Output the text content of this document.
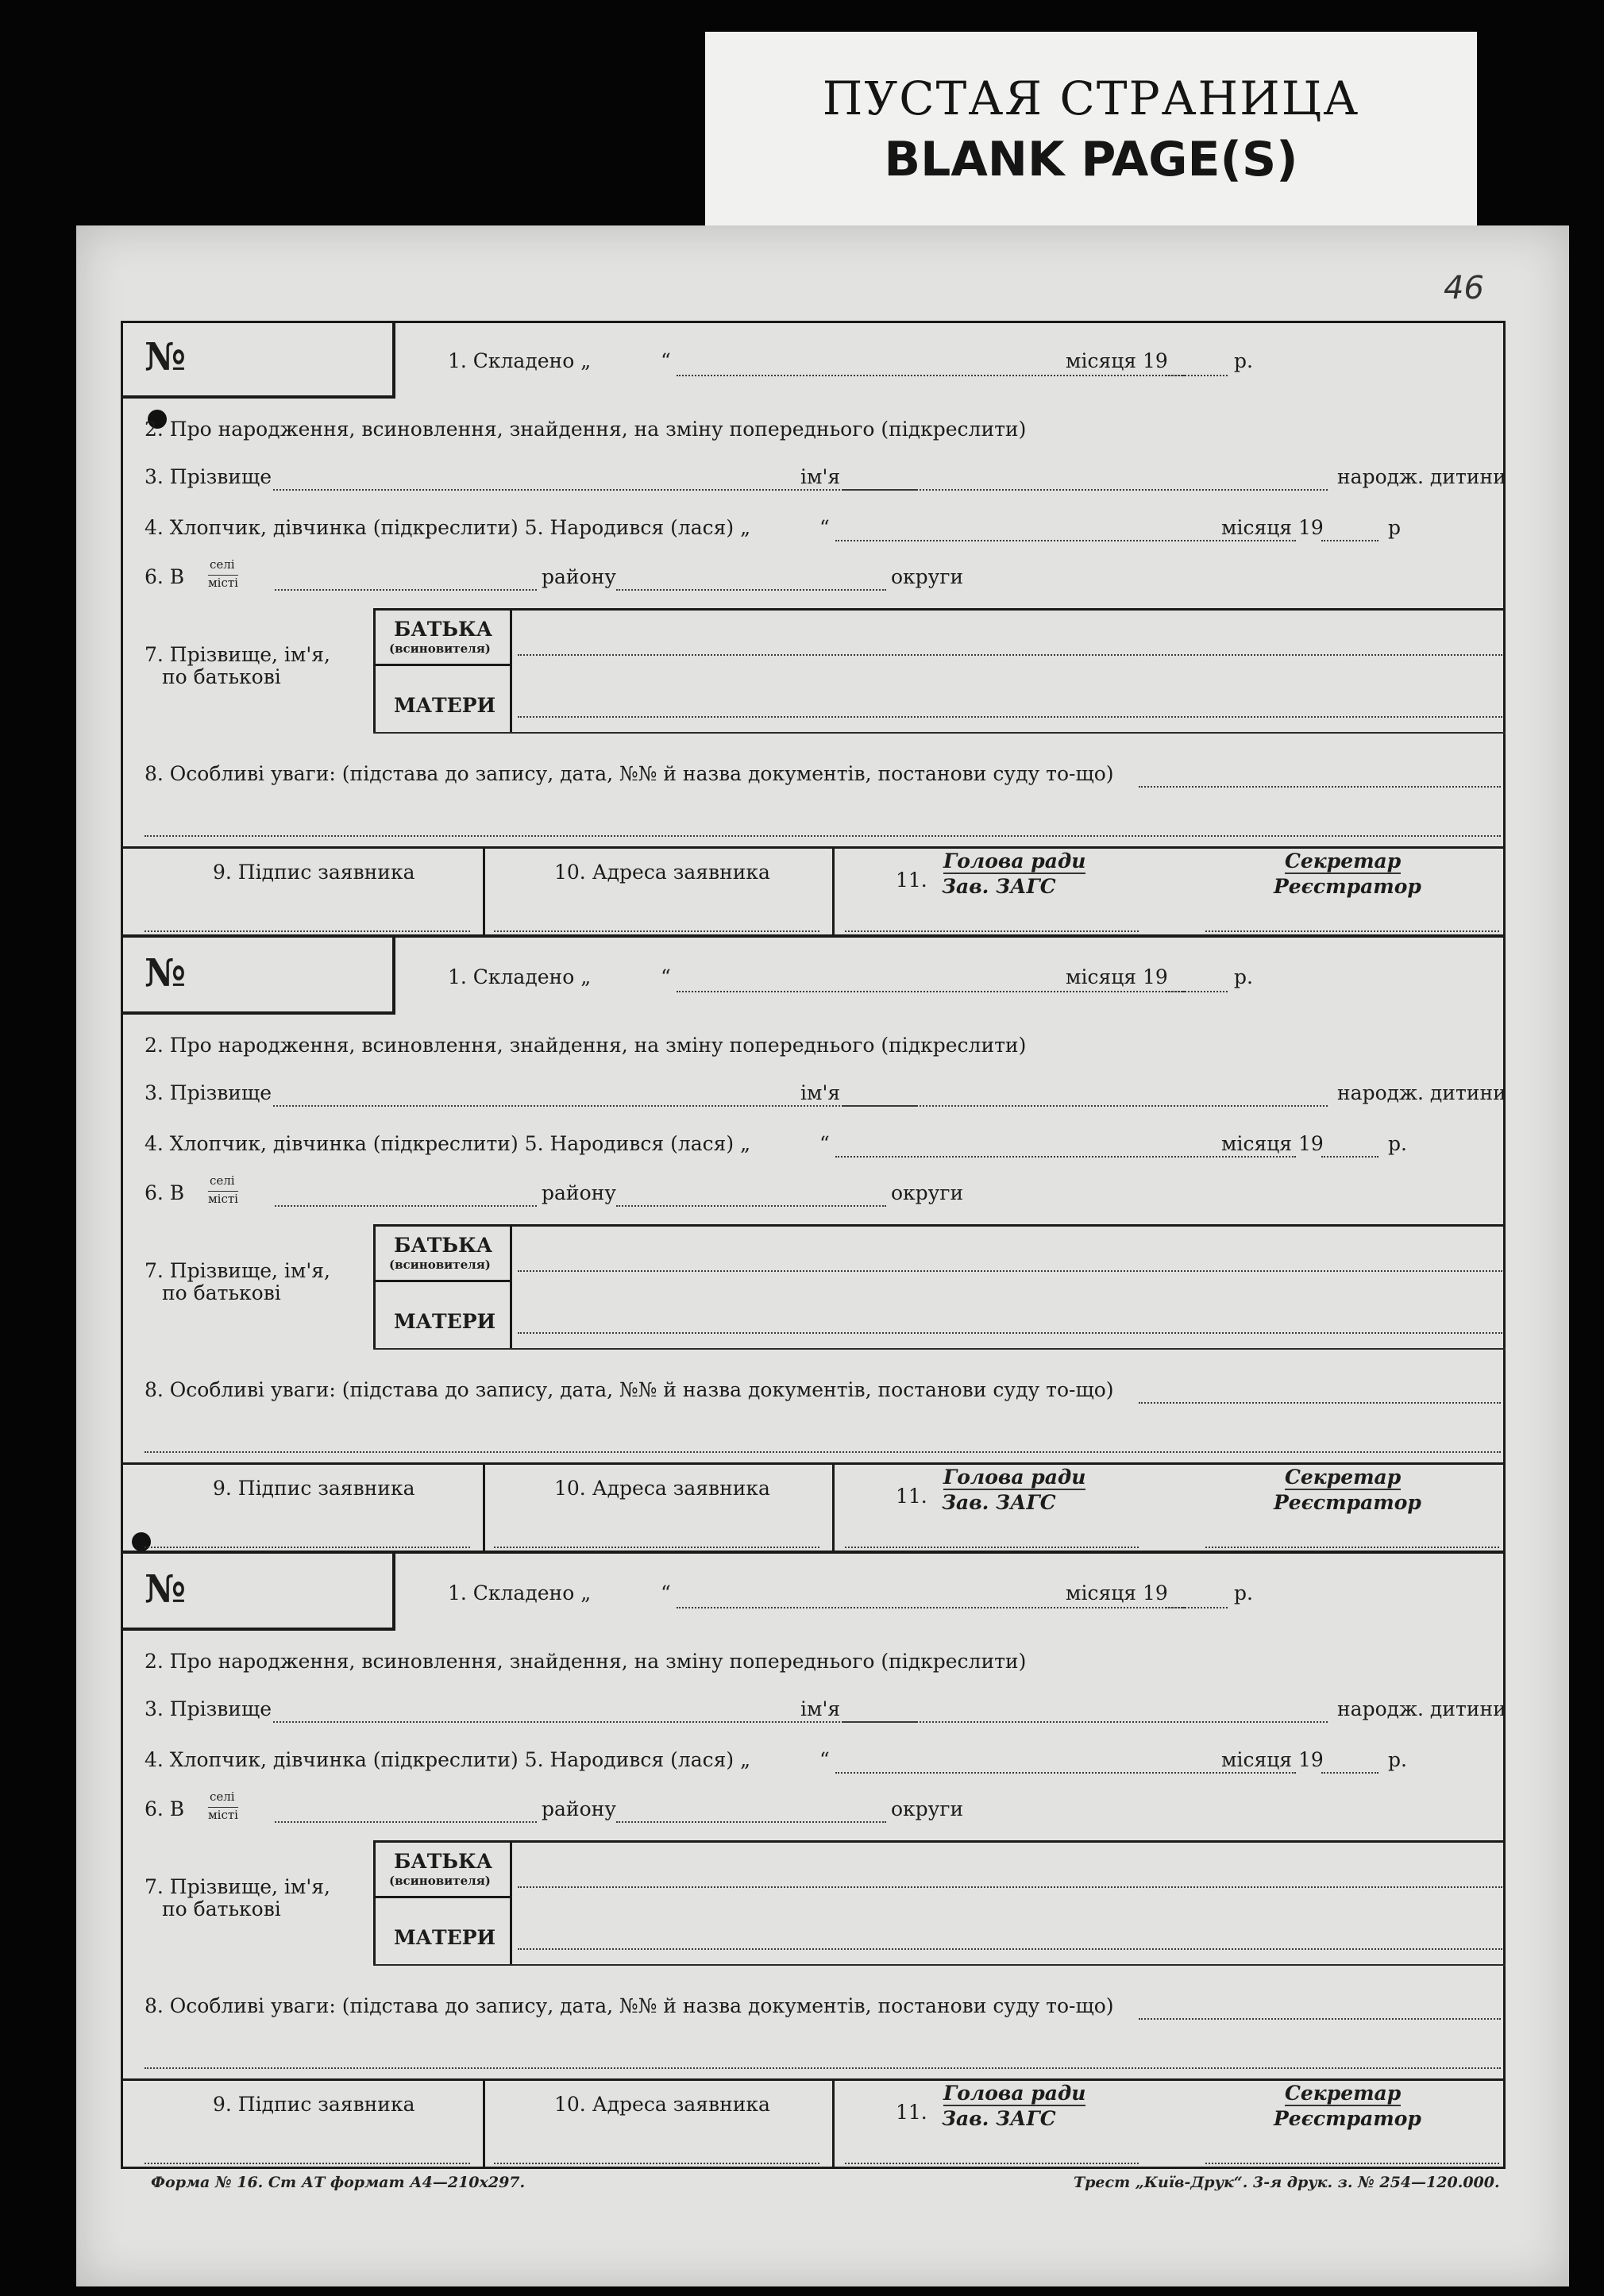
ПУСТАЯ СТРАНИЦА
BLANK PAGE(S)
46
№	1. Складено „	“	місяця 19	р.
2. Про народження, всиновлення, знайдення, на зміну попереднього (підкреслити)
3. Прізвище	ім'я	народж. дитини
4. Хлопчик, дівчинка (підкреслити) 5. Народився (лася) „	“	місяця 19	р
6. В
селі
місті	району	округи
7. Прізвище, ім'я,
по батькові
БАТЬКА
(всиновителя)
МАТЕРИ
8. Особливі уваги: (підстава до запису, дата, №№ й назва документів, постанови суду то-що)
9. Підпис заявника	10. Адреса заявника	11.
Голова ради
Зав. ЗАГС
Секретар
Реєстратор
№	1. Складено „	“	місяця 19	р.
2. Про народження, всиновлення, знайдення, на зміну попереднього (підкреслити)
3. Прізвище	ім'я	народж. дитини
4. Хлопчик, дівчинка (підкреслити) 5. Народився (лася) „	“	місяця 19	р.
6. В
селі
місті	району	округи
7. Прізвище, ім'я,
по батькові
БАТЬКА
(всиновителя)
МАТЕРИ
8. Особливі уваги: (підстава до запису, дата, №№ й назва документів, постанови суду то-що)
9. Підпис заявника	10. Адреса заявника	11.
Голова ради
Зав. ЗАГС
Секретар
Реєстратор
№	1. Складено „	“	місяця 19	р.
2. Про народження, всиновлення, знайдення, на зміну попереднього (підкреслити)
3. Прізвище	ім'я	народж. дитини
4. Хлопчик, дівчинка (підкреслити) 5. Народився (лася) „	“	місяця 19	р.
6. В
селі
місті	району	округи
7. Прізвище, ім'я,
по батькові
БАТЬКА
(всиновителя)
МАТЕРИ
8. Особливі уваги: (підстава до запису, дата, №№ й назва документів, постанови суду то-що)
9. Підпис заявника	10. Адреса заявника	11.
Голова ради
Зав. ЗАГС
Секретар
Реєстратор
Форма № 16. Ст АТ формат А4—210х297.	Трест „Київ-Друк“. 3-я друк. з. № 254—120.000.
